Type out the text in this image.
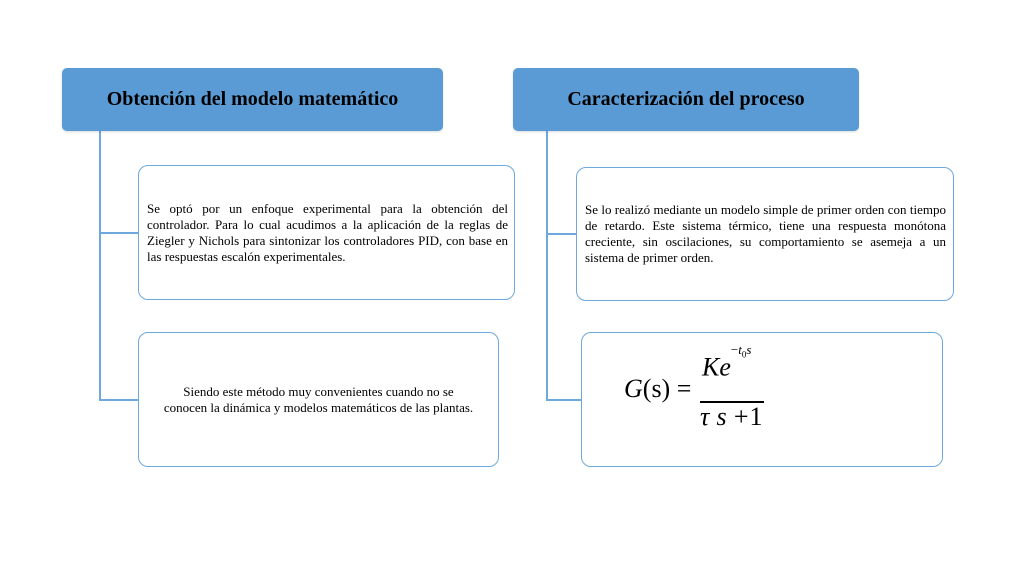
Obtención del modelo matemático	Caracterización del proceso
Se optó por un enfoque experimental para la obtención del controlador. Para lo cual acudimos a la aplicación de la reglas de Ziegler y Nichols para sintonizar los controladores PID, con base en las respuestas escalón experimentales.
Siendo este método muy convenientes cuando no se conocen la dinámica y modelos matemáticos de las plantas.
Se lo realizó mediante un modelo simple de primer orden con tiempo de retardo. Este sistema térmico, tiene una respuesta monótona creciente, sin oscilaciones, su comportamiento se asemeja a un sistema de primer orden.
G(s) =
$Ke^{-t_0s}$
τ  s  +1
